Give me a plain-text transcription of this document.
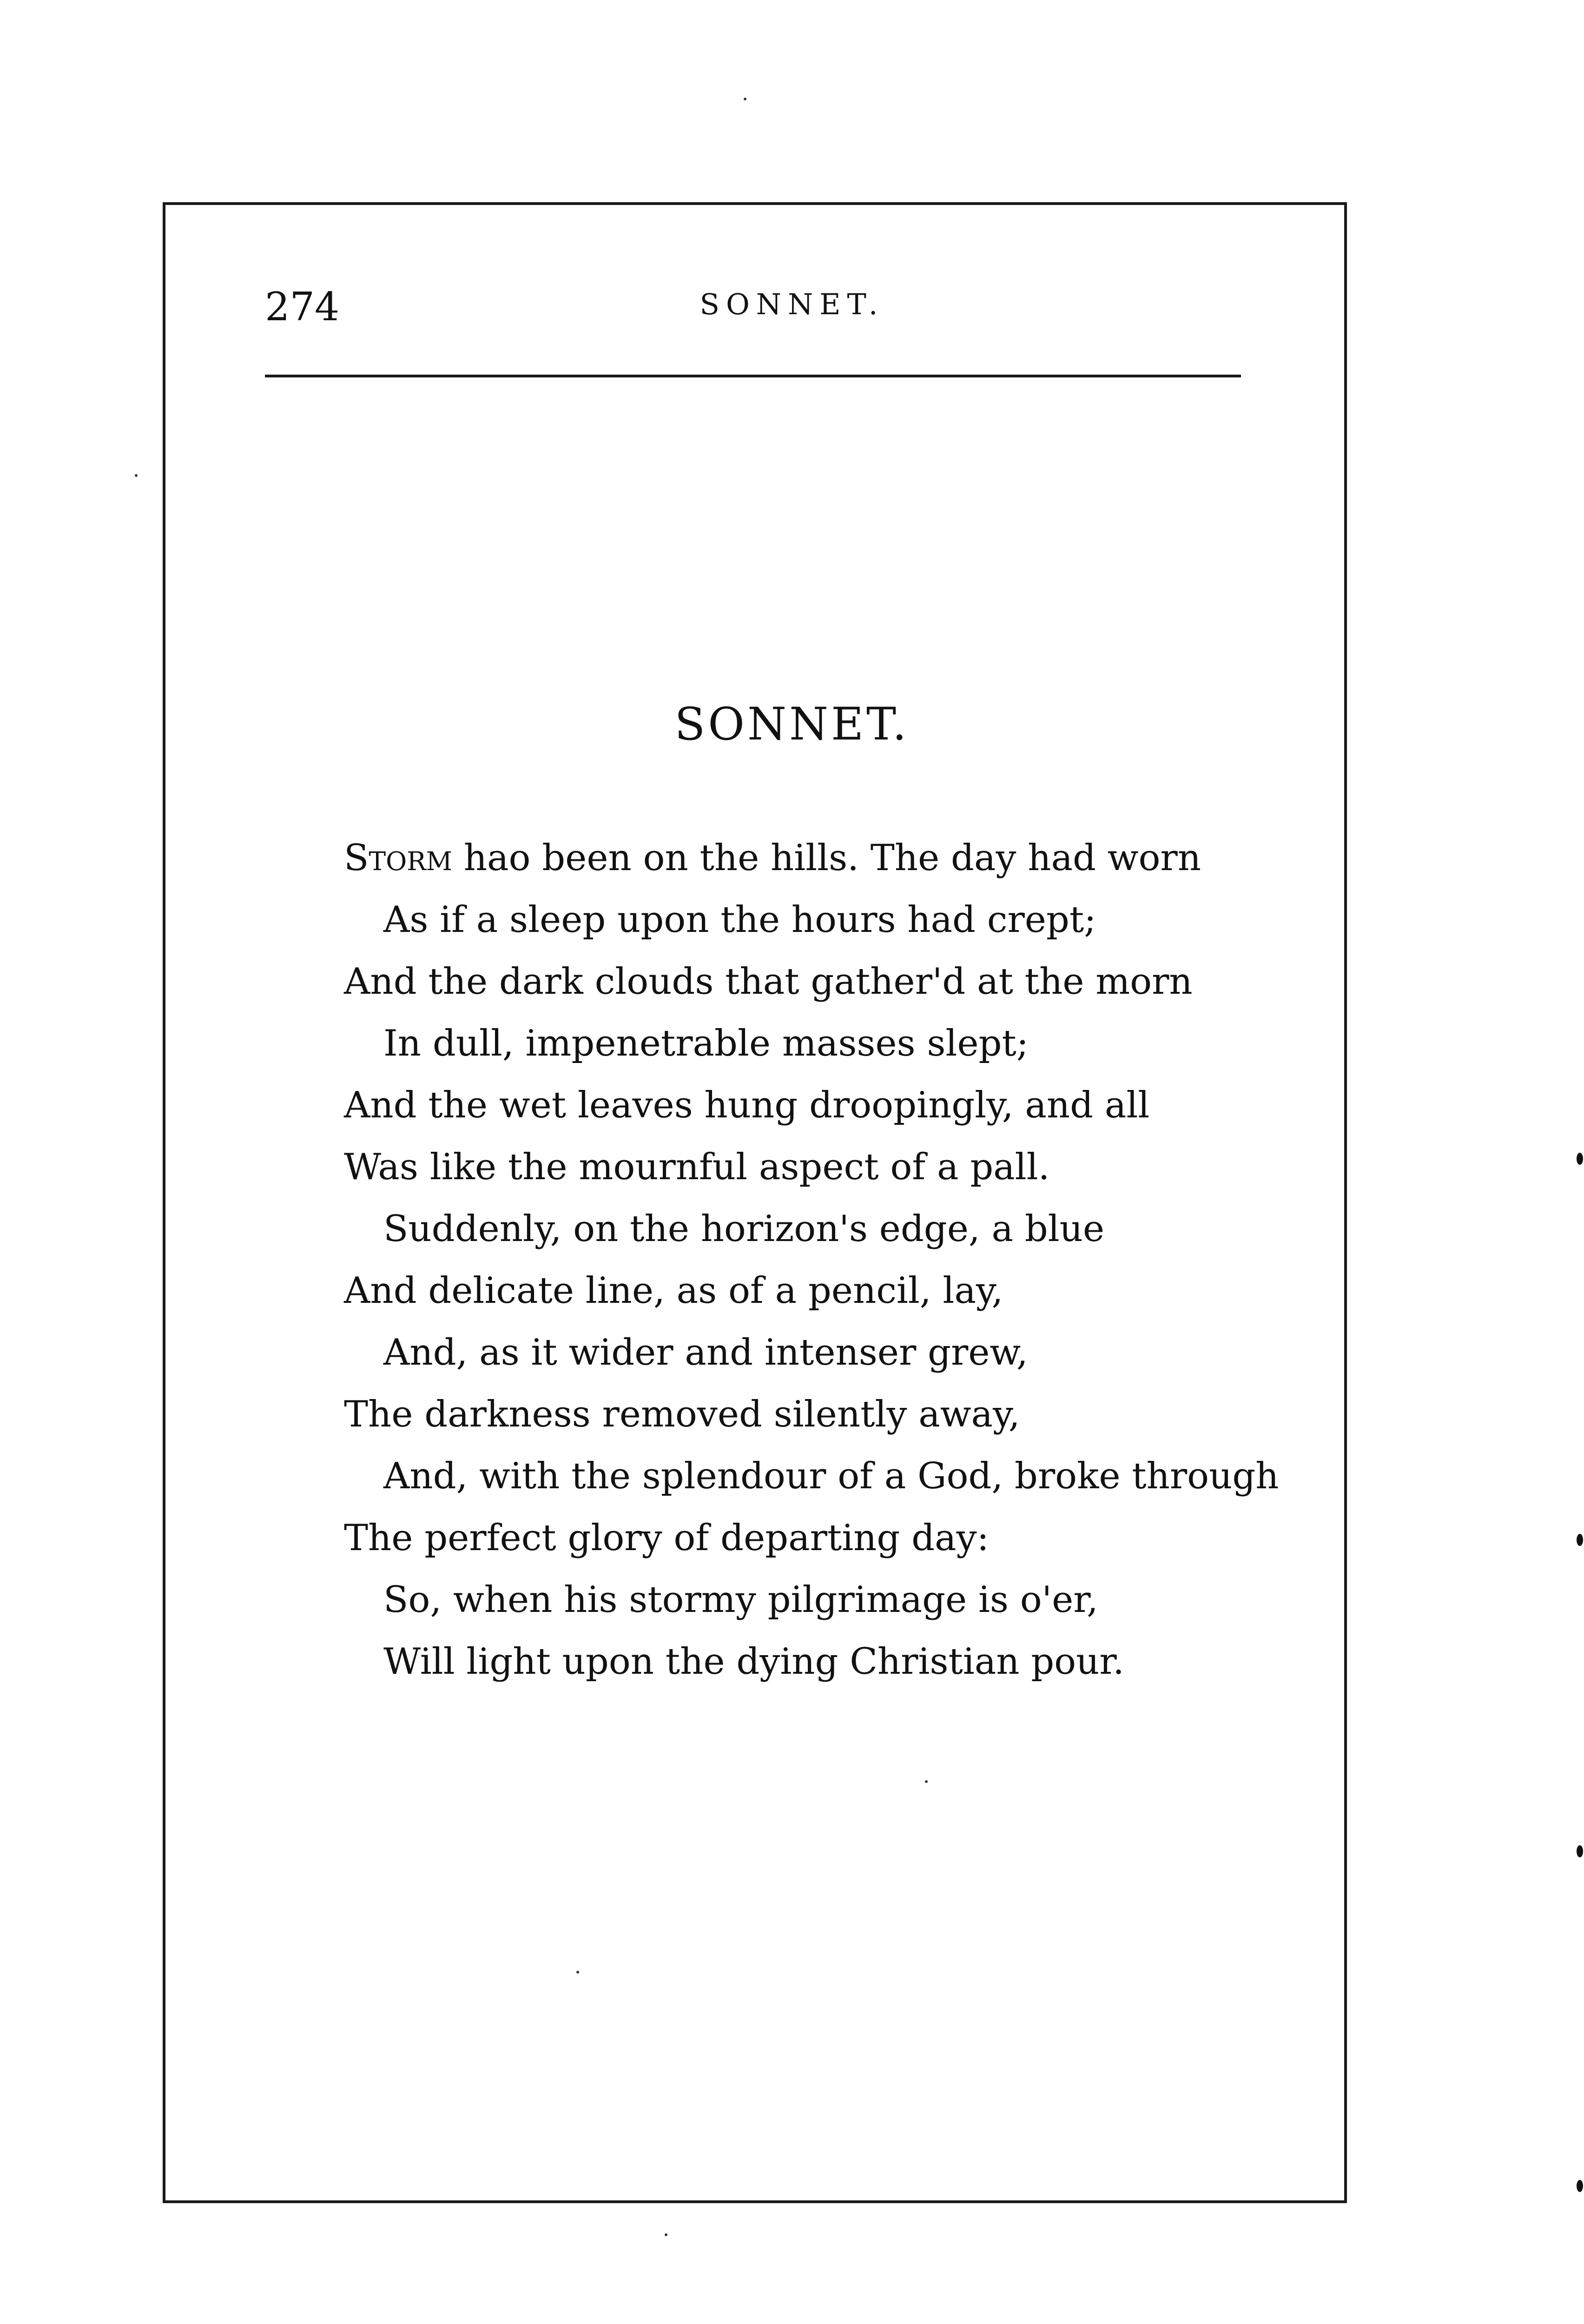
274	SONNET.
SONNET.
Storm hao been on the hills. The day had worn
As if a sleep upon the hours had crept;
And the dark clouds that gather'd at the morn
In dull, impenetrable masses slept;
And the wet leaves hung droopingly, and all
Was like the mournful aspect of a pall.
Suddenly, on the horizon's edge, a blue
And delicate line, as of a pencil, lay,
And, as it wider and intenser grew,
The darkness removed silently away,
And, with the splendour of a God, broke through
The perfect glory of departing day:
So, when his stormy pilgrimage is o'er,
Will light upon the dying Christian pour.
